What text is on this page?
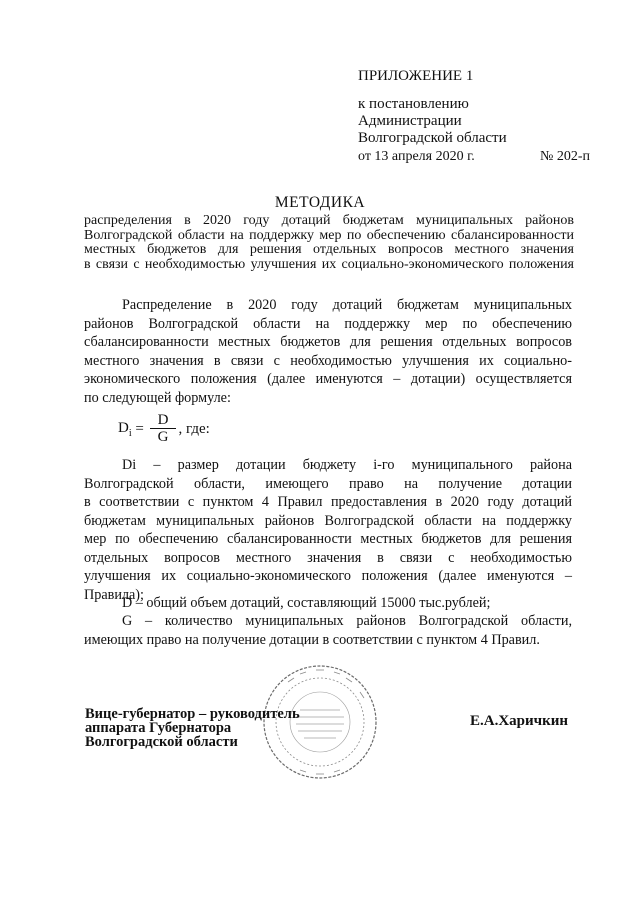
ПРИЛОЖЕНИЕ 1
к постановлению
Администрации
Волгоградской области
от 13 апреля 2020 г.	№ 202-п
МЕТОДИКА
распределения в 2020 году дотаций бюджетам муниципальных районов
Волгоградской области на поддержку мер по обеспечению сбалансированности
местных бюджетов для решения отдельных вопросов местного значения
в связи с необходимостью улучшения их социально-экономического положения
Распределение в 2020 году дотаций бюджетам муниципальных
районов Волгоградской области на поддержку мер по обеспечению
сбалансированности местных бюджетов для решения отдельных вопросов
местного значения в связи с необходимостью улучшения их социально-
экономического положения (далее именуются – дотации) осуществляется
по следующей формуле:
$D_i = \frac{D}{G}$ , где:
Di – размер дотации бюджету i-го муниципального района
Волгоградской области, имеющего право на получение дотации
в соответствии с пунктом 4 Правил предоставления в 2020 году дотаций
бюджетам муниципальных районов Волгоградской области на поддержку
мер по обеспечению сбалансированности местных бюджетов для решения
отдельных вопросов местного значения в связи с необходимостью
улучшения их социально-экономического положения (далее именуются –
Правила);
D – общий объем дотаций, составляющий 15000 тыс.рублей;
G – количество муниципальных районов Волгоградской области,
имеющих право на получение дотации в соответствии с пунктом 4 Правил.
Вице-губернатор – руководитель
аппарата Губернатора
Волгоградской области
Е.А.Харичкин
